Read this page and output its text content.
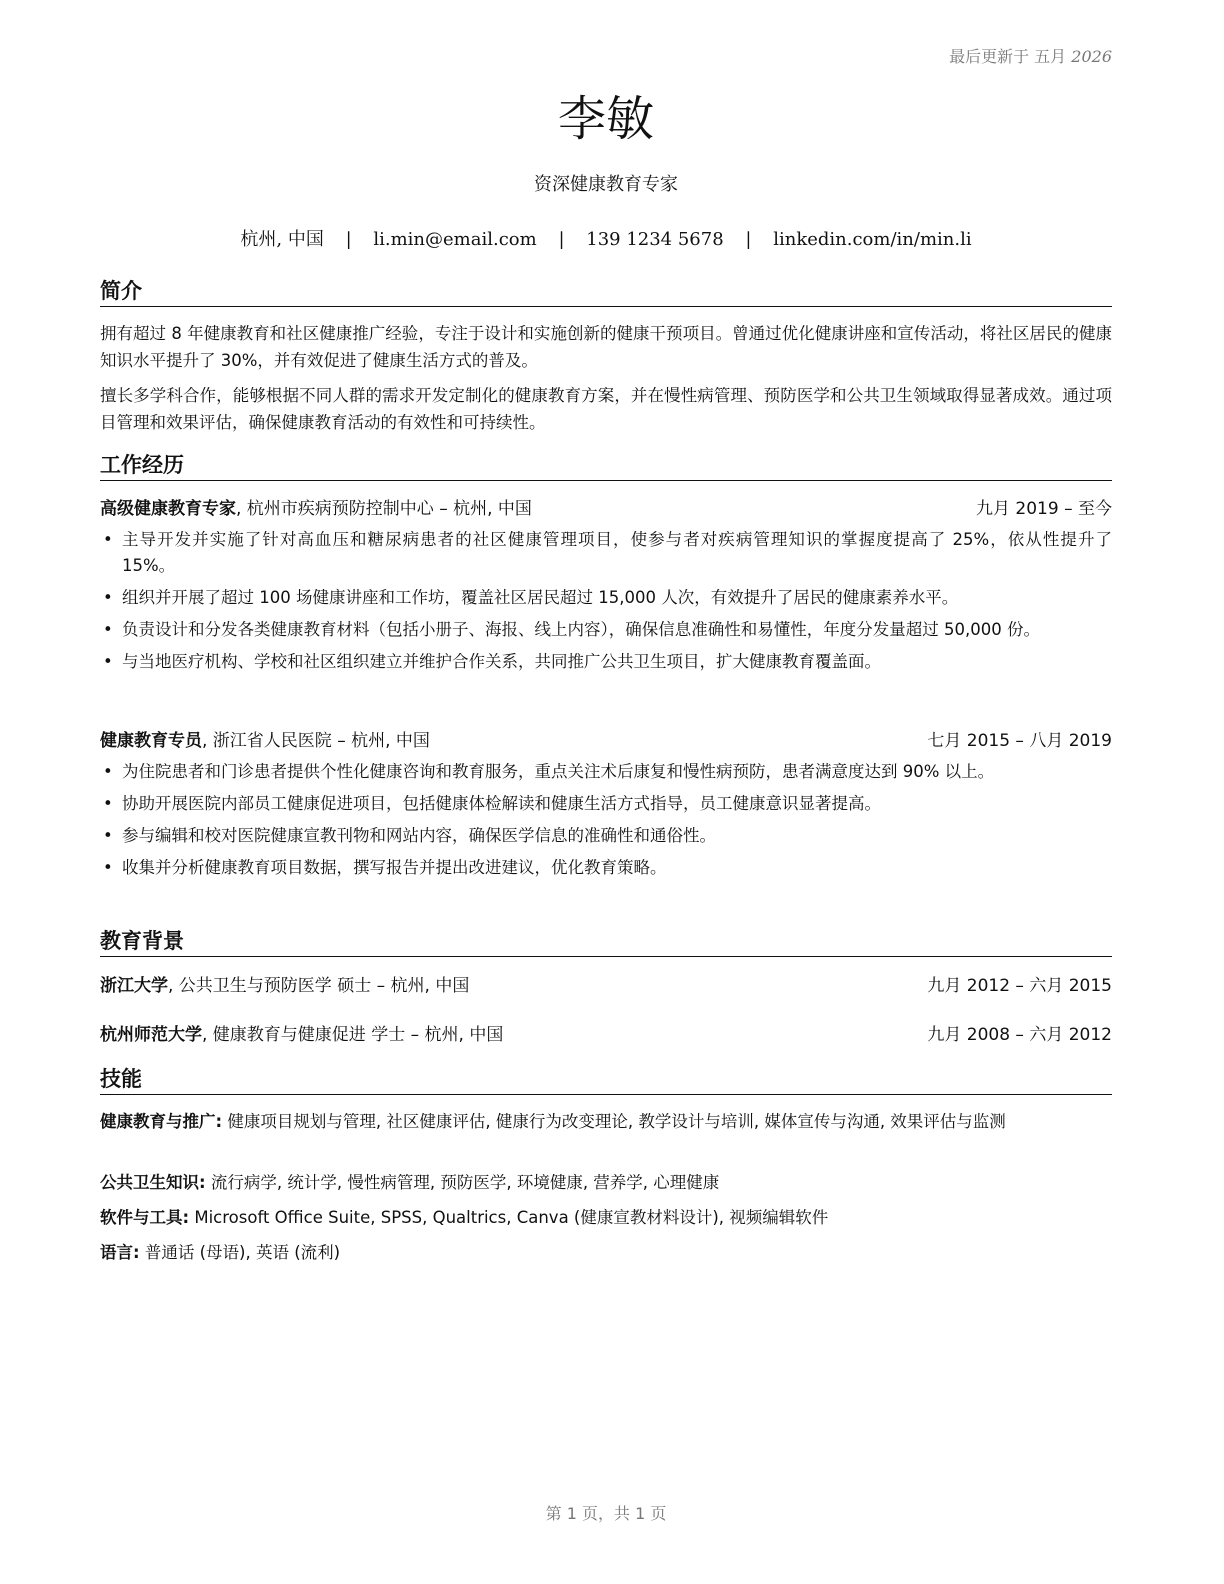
最后更新于 五月 2026
李敏
资深健康教育专家
杭州, 中国 | li.min@email.com | 139 1234 5678 | linkedin.com/in/min.li
简介
拥有超过 8 年健康教育和社区健康推广经验，专注于设计和实施创新的健康干预项目。曾通过优化健康讲座和宣传活动，将社区居民的健康知识水平提升了 30%，并有效促进了健康生活方式的普及。
擅长多学科合作，能够根据不同人群的需求开发定制化的健康教育方案，并在慢性病管理、预防医学和公共卫生领域取得显著成效。通过项目管理和效果评估，确保健康教育活动的有效性和可持续性。
工作经历
高级健康教育专家, 杭州市疾病预防控制中心 – 杭州, 中国	九月 2019 – 至今
• 主导开发并实施了针对高血压和糖尿病患者的社区健康管理项目，使参与者对疾病管理知识的掌握度提高了 25%，依从性提升了 15%。
• 组织并开展了超过 100 场健康讲座和工作坊，覆盖社区居民超过 15,000 人次，有效提升了居民的健康素养水平。
• 负责设计和分发各类健康教育材料（包括小册子、海报、线上内容），确保信息准确性和易懂性，年度分发量超过 50,000 份。
• 与当地医疗机构、学校和社区组织建立并维护合作关系，共同推广公共卫生项目，扩大健康教育覆盖面。
健康教育专员, 浙江省人民医院 – 杭州, 中国	七月 2015 – 八月 2019
• 为住院患者和门诊患者提供个性化健康咨询和教育服务，重点关注术后康复和慢性病预防，患者满意度达到 90% 以上。
• 协助开展医院内部员工健康促进项目，包括健康体检解读和健康生活方式指导，员工健康意识显著提高。
• 参与编辑和校对医院健康宣教刊物和网站内容，确保医学信息的准确性和通俗性。
• 收集并分析健康教育项目数据，撰写报告并提出改进建议，优化教育策略。
教育背景
浙江大学, 公共卫生与预防医学 硕士 – 杭州, 中国	九月 2012 – 六月 2015
杭州师范大学, 健康教育与健康促进 学士 – 杭州, 中国	九月 2008 – 六月 2012
技能
健康教育与推广: 健康项目规划与管理, 社区健康评估, 健康行为改变理论, 教学设计与培训, 媒体宣传与沟通, 效果评估与监测
公共卫生知识: 流行病学, 统计学, 慢性病管理, 预防医学, 环境健康, 营养学, 心理健康
软件与工具: Microsoft Office Suite, SPSS, Qualtrics, Canva (健康宣教材料设计), 视频编辑软件
语言: 普通话 (母语), 英语 (流利)
第 1 页，共 1 页
